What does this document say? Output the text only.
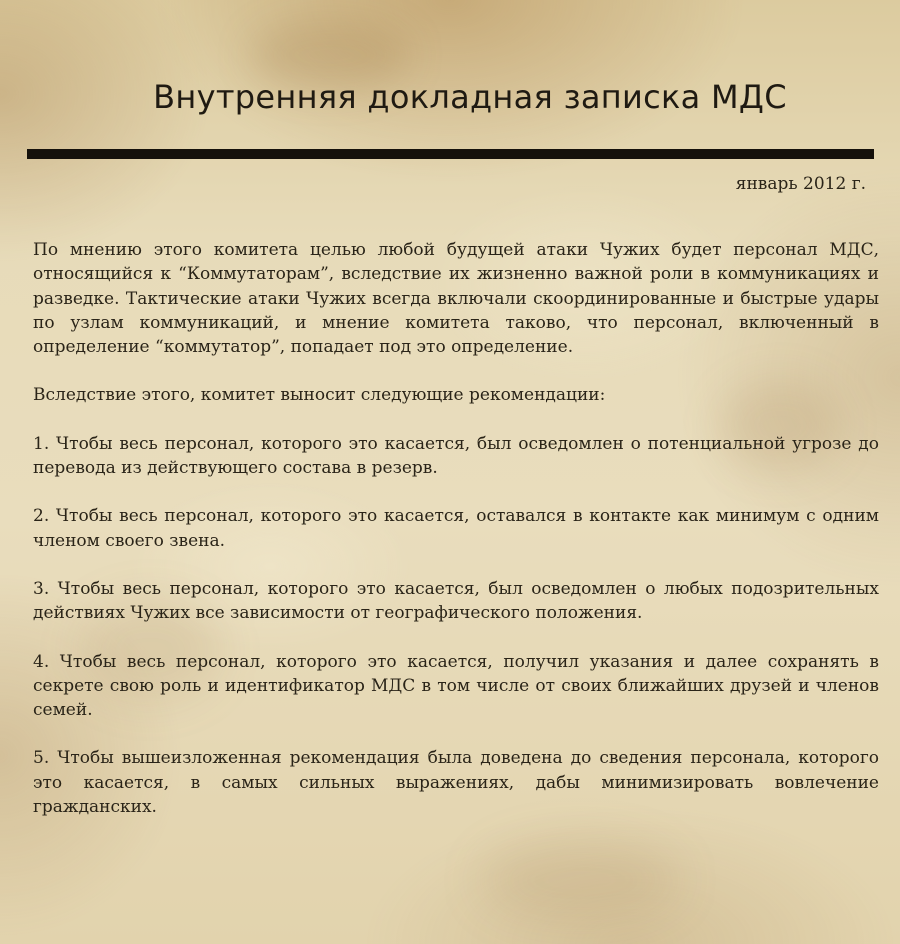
Внутренняя докладная записка МДС
январь 2012 г.

По мнению этого комитета целью любой будущей атаки Чужих будет персонал МДС, относящийся к “Коммутаторам”, вследствие их жизненно важной роли в коммуникациях и разведке. Тактические атаки Чужих всегда включали скоординированные и быстрые удары по узлам коммуникаций, и мнение комитета таково, что персонал, включенный в определение “коммутатор”, попадает под это определение.

Вследствие этого, комитет выносит следующие рекомендации:

1. Чтобы весь персонал, которого это касается, был осведомлен о потенциальной угрозе до перевода из действующего состава в резерв.

2. Чтобы весь персонал, которого это касается, оставался в контакте как минимум с одним членом своего звена.

3. Чтобы весь персонал, которого это касается, был осведомлен о любых подозрительных действиях Чужих все зависимости от географического положения.

4. Чтобы весь персонал, которого это касается, получил указания и далее сохранять в секрете свою роль и идентификатор МДС в том числе от своих ближайших друзей и членов семей.

5. Чтобы вышеизложенная рекомендация была доведена до сведения персонала, которого это касается, в самых сильных выражениях, дабы минимизировать вовлечение гражданских.
